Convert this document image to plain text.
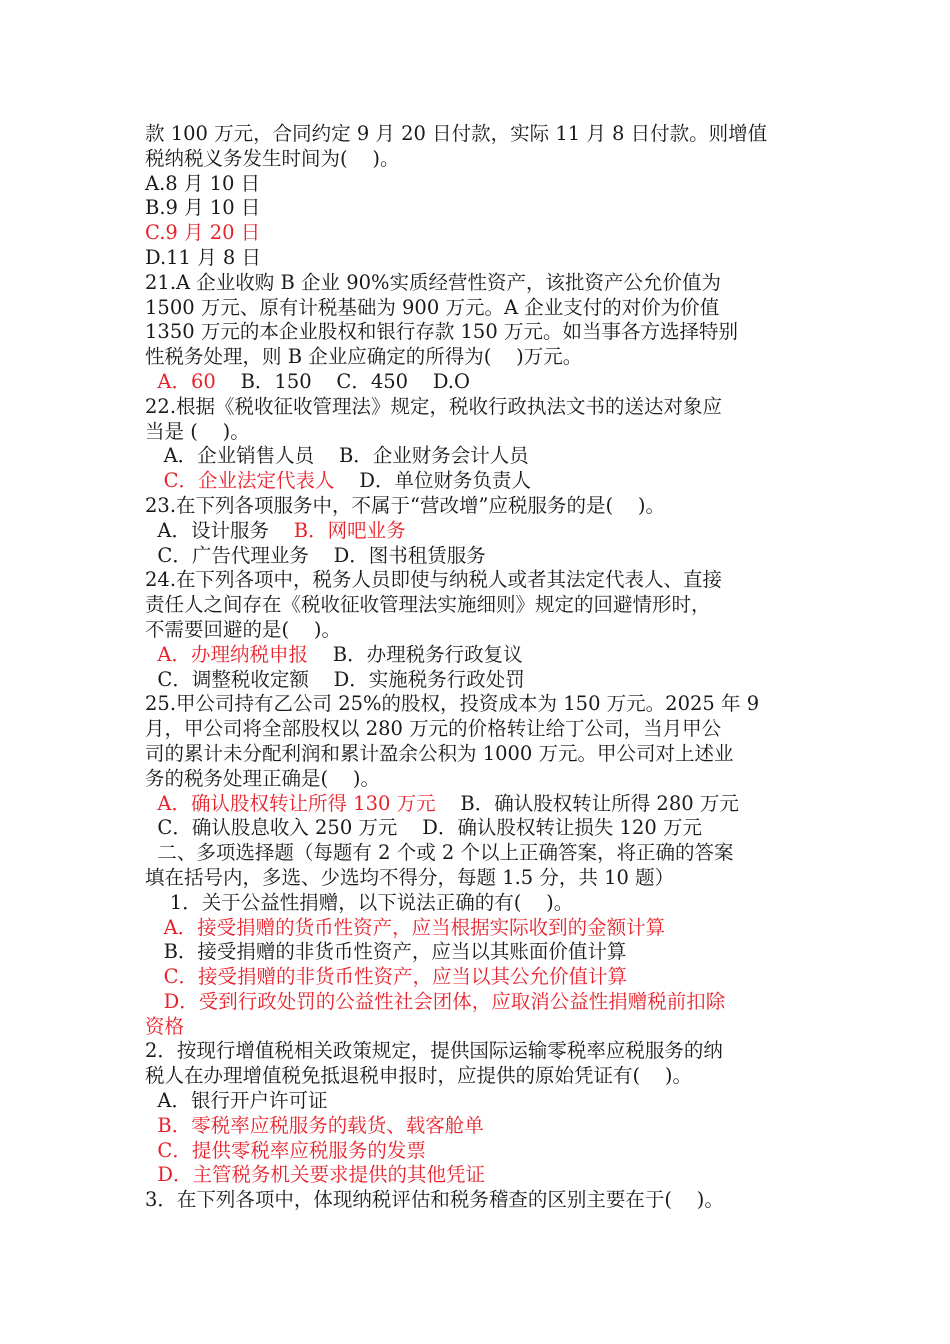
款 100 万元，合同约定 9 月 20 日付款，实际 11 月 8 日付款。则增值
税纳税义务发生时间为(    )。
A.8 月 10 日
B.9 月 10 日
C.9 月 20 日
D.11 月 8 日
21.A 企业收购 B 企业 90%实质经营性资产，该批资产公允价值为
1500 万元、原有计税基础为 900 万元。A 企业支付的对价为价值
1350 万元的本企业股权和银行存款 150 万元。如当事各方选择特别
性税务处理，则 B 企业应确定的所得为(    )万元。
A．60    B．150    C．450    D.O
22.根据《税收征收管理法》规定，税收行政执法文书的送达对象应
当是 (    )。
A．企业销售人员    B．企业财务会计人员
C．企业法定代表人    D．单位财务负责人
23.在下列各项服务中，不属于“营改增”应税服务的是(    )。
A．设计服务    B．网吧业务
C．广告代理业务    D．图书租赁服务
24.在下列各项中，税务人员即使与纳税人或者其法定代表人、直接
责任人之间存在《税收征收管理法实施细则》规定的回避情形时，
不需要回避的是(    )。
A．办理纳税申报    B．办理税务行政复议
C．调整税收定额    D．实施税务行政处罚
25.甲公司持有乙公司 25%的股权，投资成本为 150 万元。2025 年 9
月，甲公司将全部股权以 280 万元的价格转让给丁公司，当月甲公
司的累计未分配利润和累计盈余公积为 1000 万元。甲公司对上述业
务的税务处理正确是(    )。
A．确认股权转让所得 130 万元    B．确认股权转让所得 280 万元
C．确认股息收入 250 万元    D．确认股权转让损失 120 万元
二、多项选择题（每题有 2 个或 2 个以上正确答案，将正确的答案
填在括号内，多选、少选均不得分，每题 1.5 分，共 10 题）
1．关于公益性捐赠，以下说法正确的有(    )。
A．接受捐赠的货币性资产，应当根据实际收到的金额计算
B．接受捐赠的非货币性资产，应当以其账面价值计算
C．接受捐赠的非货币性资产，应当以其公允价值计算
D．受到行政处罚的公益性社会团体，应取消公益性捐赠税前扣除
资格
2．按现行增值税相关政策规定，提供国际运输零税率应税服务的纳
税人在办理增值税免抵退税申报时，应提供的原始凭证有(    )。
A．银行开户许可证
B．零税率应税服务的载货、载客舱单
C．提供零税率应税服务的发票
D．主管税务机关要求提供的其他凭证
3．在下列各项中，体现纳税评估和税务稽查的区别主要在于(    )。
